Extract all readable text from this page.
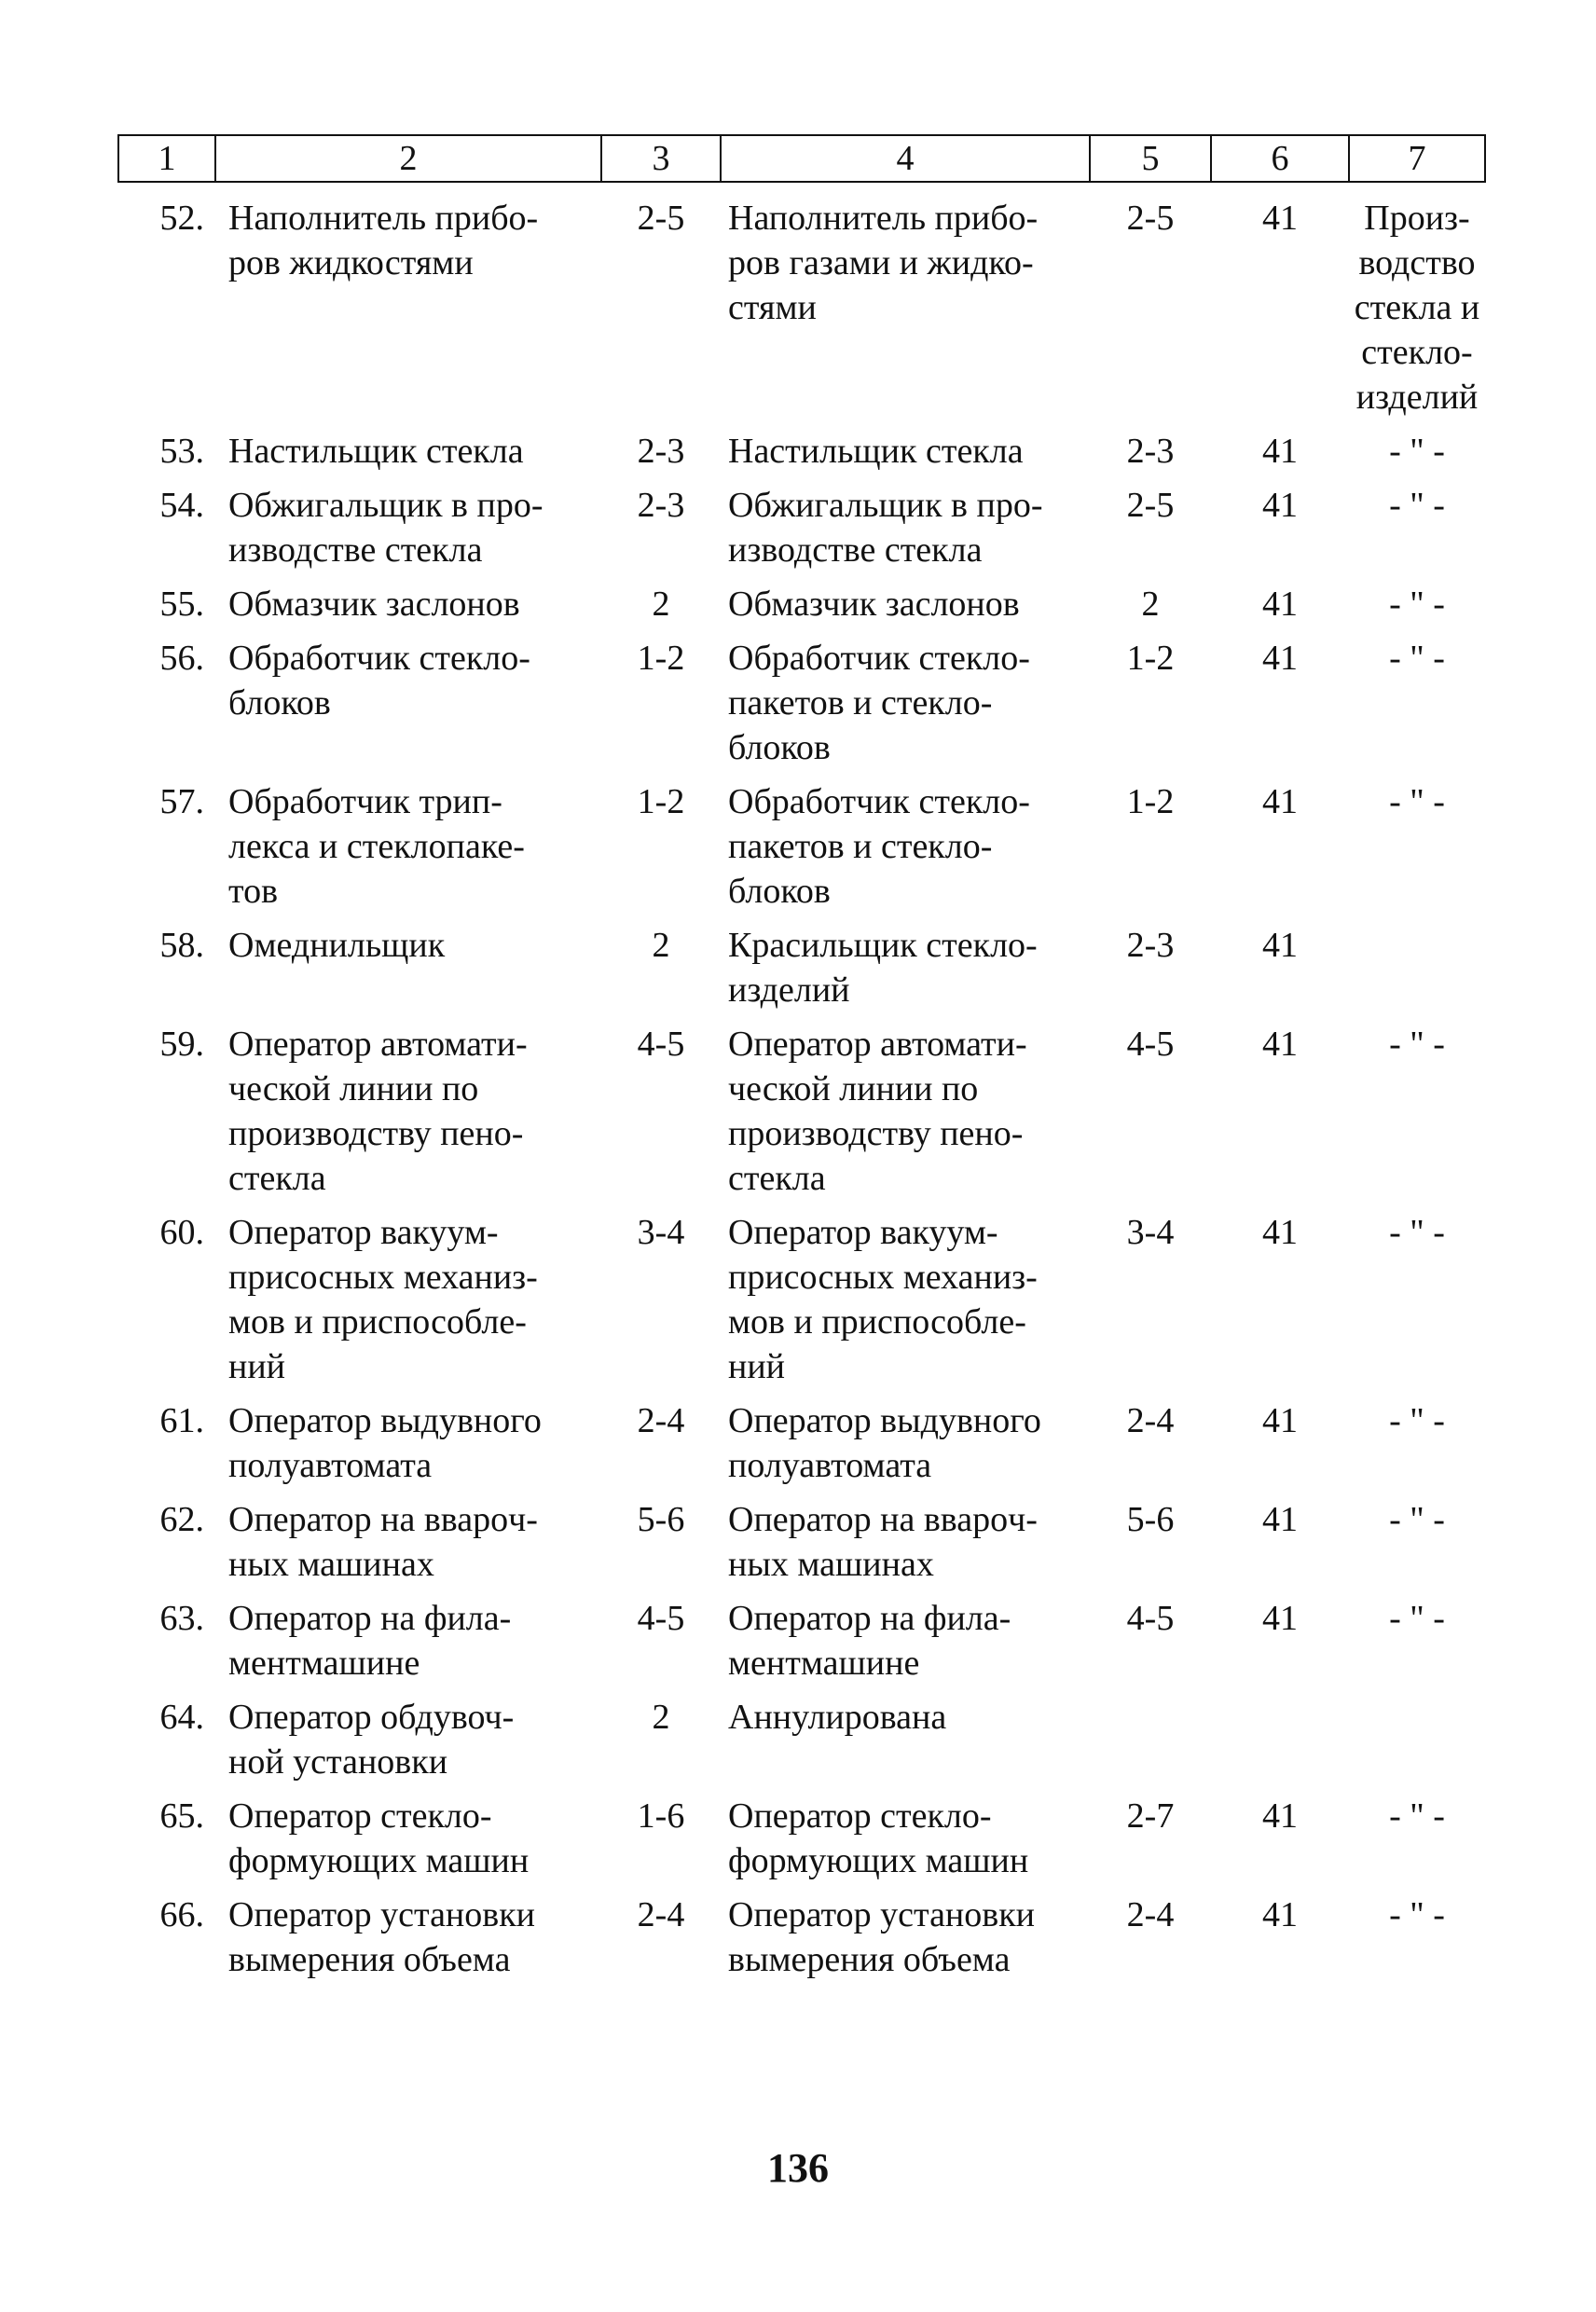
1	2	3	4	5	6	7
52.	Наполнитель прибо-
ров жидкостями	2-5	Наполнитель прибо-
ров газами и жидко-
стями	2-5	41	Произ-
водство
стекла и
стекло-
изделий
53.	Настильщик стекла	2-3	Настильщик стекла	2-3	41	- " -
54.	Обжигальщик в про-
изводстве стекла	2-3	Обжигальщик в про-
изводстве стекла	2-5	41	- " -
55.	Обмазчик заслонов	2	Обмазчик заслонов	2	41	- " -
56.	Обработчик стекло-
блоков	1-2	Обработчик стекло-
пакетов и стекло-
блоков	1-2	41	- " -
57.	Обработчик трип-
лекса и стеклопаке-
тов	1-2	Обработчик стекло-
пакетов и стекло-
блоков	1-2	41	- " -
58.	Омеднильщик	2	Красильщик стекло-
изделий	2-3	41	
59.	Оператор автомати-
ческой линии по
производству пено-
стекла	4-5	Оператор автомати-
ческой линии по
производству пено-
стекла	4-5	41	- " -
60.	Оператор вакуум-
присосных механиз-
мов и приспособле-
ний	3-4	Оператор вакуум-
присосных механиз-
мов и приспособле-
ний	3-4	41	- " -
61.	Оператор выдувного
полуавтомата	2-4	Оператор выдувного
полуавтомата	2-4	41	- " -
62.	Оператор на вварoч-
ных машинах	5-6	Оператор на вварoч-
ных машинах	5-6	41	- " -
63.	Оператор на фила-
ментмашине	4-5	Оператор на фила-
ментмашине	4-5	41	- " -
64.	Оператор обдувоч-
ной установки	2	Аннулирована			
65.	Оператор стекло-
формующих машин	1-6	Оператор стекло-
формующих машин	2-7	41	- " -
66.	Оператор установки
вымерения объема	2-4	Оператор установки
вымерения объема	2-4	41	- " -
136
